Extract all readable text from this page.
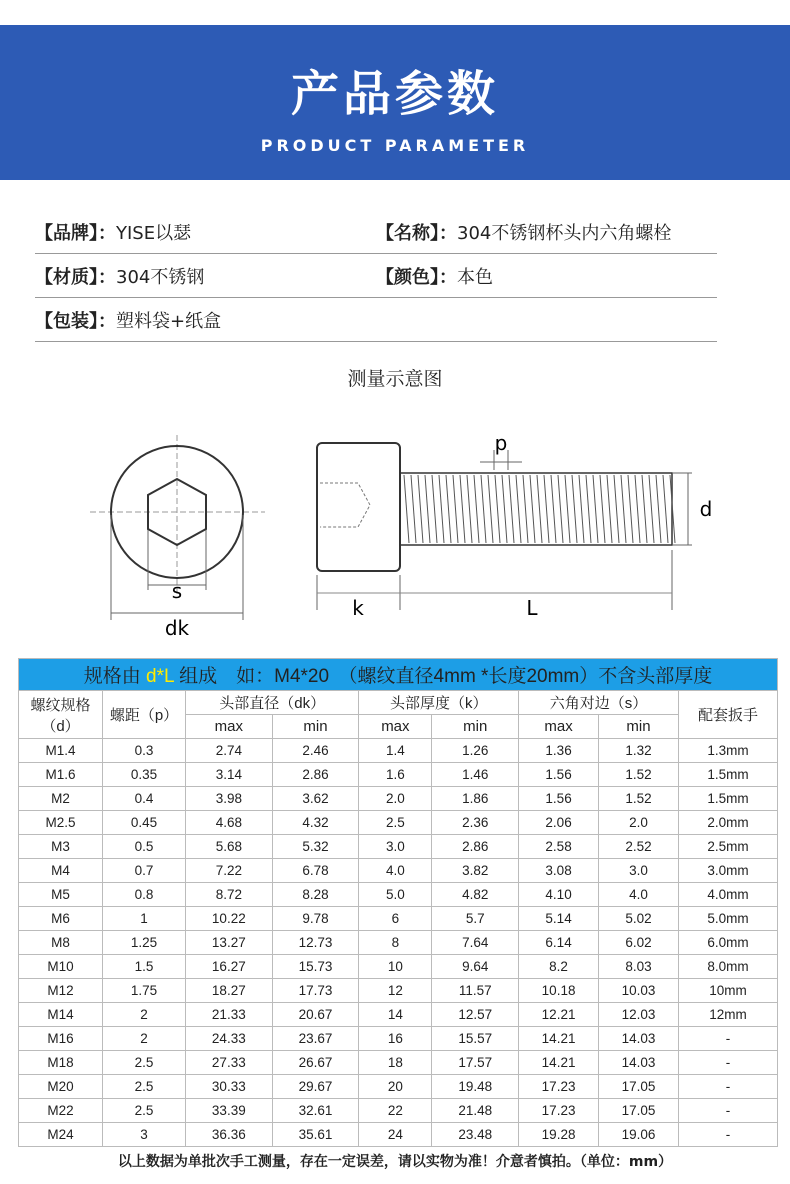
产品参数
PRODUCT PARAMETER
【品牌】：YISE以瑟	【名称】：304不锈钢杯头内六角螺栓
【材质】：304不锈钢	【颜色】：本色
【包装】：塑料袋+纸盒
测量示意图
s
dk
k	L
p
d
规格由 d*L 组成　如：M4*20　（螺纹直径4mm *长度20mm）不含头部厚度								
螺纹规格（d）	螺距（p）	头部直径（dk）		头部厚度（k）		六角对边（s）		配套扳手
		max	min	max	min	max	min	
M1.4	0.3	2.74	2.46	1.4	1.26	1.36	1.32	1.3mm
M1.6	0.35	3.14	2.86	1.6	1.46	1.56	1.52	1.5mm
M2	0.4	3.98	3.62	2.0	1.86	1.56	1.52	1.5mm
M2.5	0.45	4.68	4.32	2.5	2.36	2.06	2.0	2.0mm
M3	0.5	5.68	5.32	3.0	2.86	2.58	2.52	2.5mm
M4	0.7	7.22	6.78	4.0	3.82	3.08	3.0	3.0mm
M5	0.8	8.72	8.28	5.0	4.82	4.10	4.0	4.0mm
M6	1	10.22	9.78	6	5.7	5.14	5.02	5.0mm
M8	1.25	13.27	12.73	8	7.64	6.14	6.02	6.0mm
M10	1.5	16.27	15.73	10	9.64	8.2	8.03	8.0mm
M12	1.75	18.27	17.73	12	11.57	10.18	10.03	10mm
M14	2	21.33	20.67	14	12.57	12.21	12.03	12mm
M16	2	24.33	23.67	16	15.57	14.21	14.03	-
M18	2.5	27.33	26.67	18	17.57	14.21	14.03	-
M20	2.5	30.33	29.67	20	19.48	17.23	17.05	-
M22	2.5	33.39	32.61	22	21.48	17.23	17.05	-
M24	3	36.36	35.61	24	23.48	19.28	19.06	-
以上数据为单批次手工测量，存在一定误差，请以实物为准！介意者慎拍。（单位：mm）
